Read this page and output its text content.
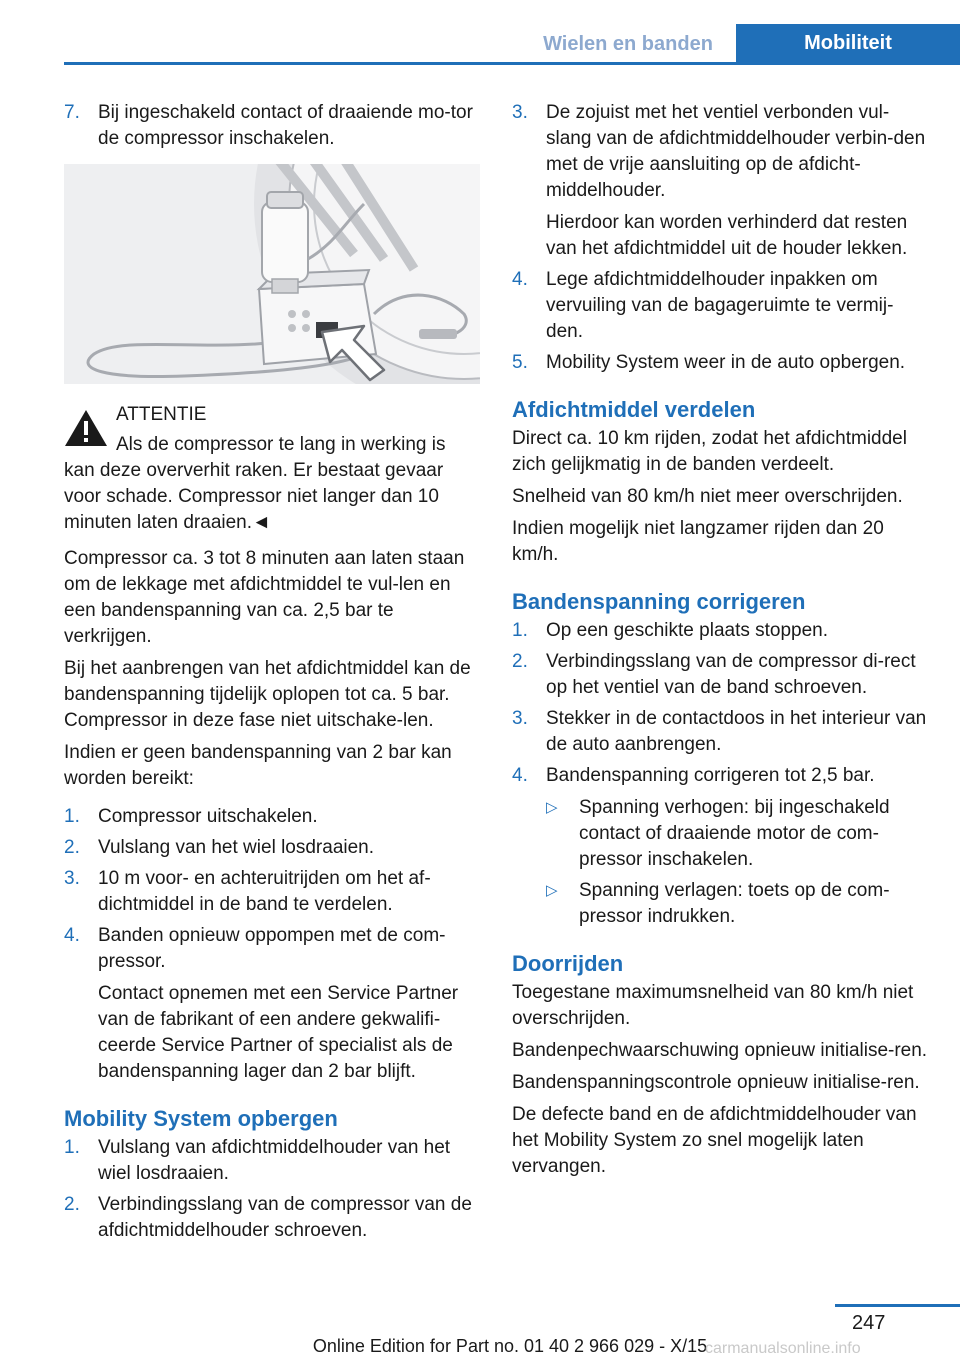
Wielen en banden	Mobiliteit
7. Bij ingeschakeld contact of draaiende mo-tor de compressor inschakelen.
ATTENTIE
Als de compressor te lang in werking is kan deze oververhit raken. Er bestaat gevaar voor schade. Compressor niet langer dan 10 minuten laten draaien.◄

Compressor ca. 3 tot 8 minuten aan laten staan om de lekkage met afdichtmiddel te vul-len en een bandenspanning van ca. 2,5 bar te verkrijgen.

Bij het aanbrengen van het afdichtmiddel kan de bandenspanning tijdelijk oplopen tot ca. 5 bar. Compressor in deze fase niet uitschake-len.

Indien er geen bandenspanning van 2 bar kan worden bereikt:

1. Compressor uitschakelen.
2. Vulslang van het wiel losdraaien.
3. 10 m voor- en achteruitrijden om het af-dichtmiddel in de band te verdelen.
4. Banden opnieuw oppompen met de com-pressor.
Contact opnemen met een Service Partner van de fabrikant of een andere gekwalifi-ceerde Service Partner of specialist als de bandenspanning lager dan 2 bar blijft.
Mobility System opbergen
1. Vulslang van afdichtmiddelhouder van het wiel losdraaien.
2. Verbindingsslang van de compressor van de afdichtmiddelhouder schroeven.
3. De zojuist met het ventiel verbonden vul-slang van de afdichtmiddelhouder verbin-den met de vrije aansluiting op de afdicht-middelhouder.
Hierdoor kan worden verhinderd dat resten van het afdichtmiddel uit de houder lekken.
4. Lege afdichtmiddelhouder inpakken om vervuiling van de bagageruimte te vermij-den.
5. Mobility System weer in de auto opbergen.
Afdichtmiddel verdelen

Direct ca. 10 km rijden, zodat het afdichtmiddel zich gelijkmatig in de banden verdeelt.

Snelheid van 80 km/h niet meer overschrijden.

Indien mogelijk niet langzamer rijden dan 20 km/h.

Bandenspanning corrigeren
1. Op een geschikte plaats stoppen.
2. Verbindingsslang van de compressor di-rect op het ventiel van de band schroeven.
3. Stekker in de contactdoos in het interieur van de auto aanbrengen.
4. Bandenspanning corrigeren tot 2,5 bar.
▷ Spanning verhogen: bij ingeschakeld contact of draaiende motor de com-pressor inschakelen.
▷ Spanning verlagen: toets op de com-pressor indrukken.
Doorrijden

Toegestane maximumsnelheid van 80 km/h niet overschrijden.

Bandenpechwaarschuwing opnieuw initialise-ren.

Bandenspanningscontrole opnieuw initialise-ren.

De defecte band en de afdichtmiddelhouder van het Mobility System zo snel mogelijk laten vervangen.

247
Online Edition for Part no. 01 40 2 966 029 - X/15
carmanualsonline.info
